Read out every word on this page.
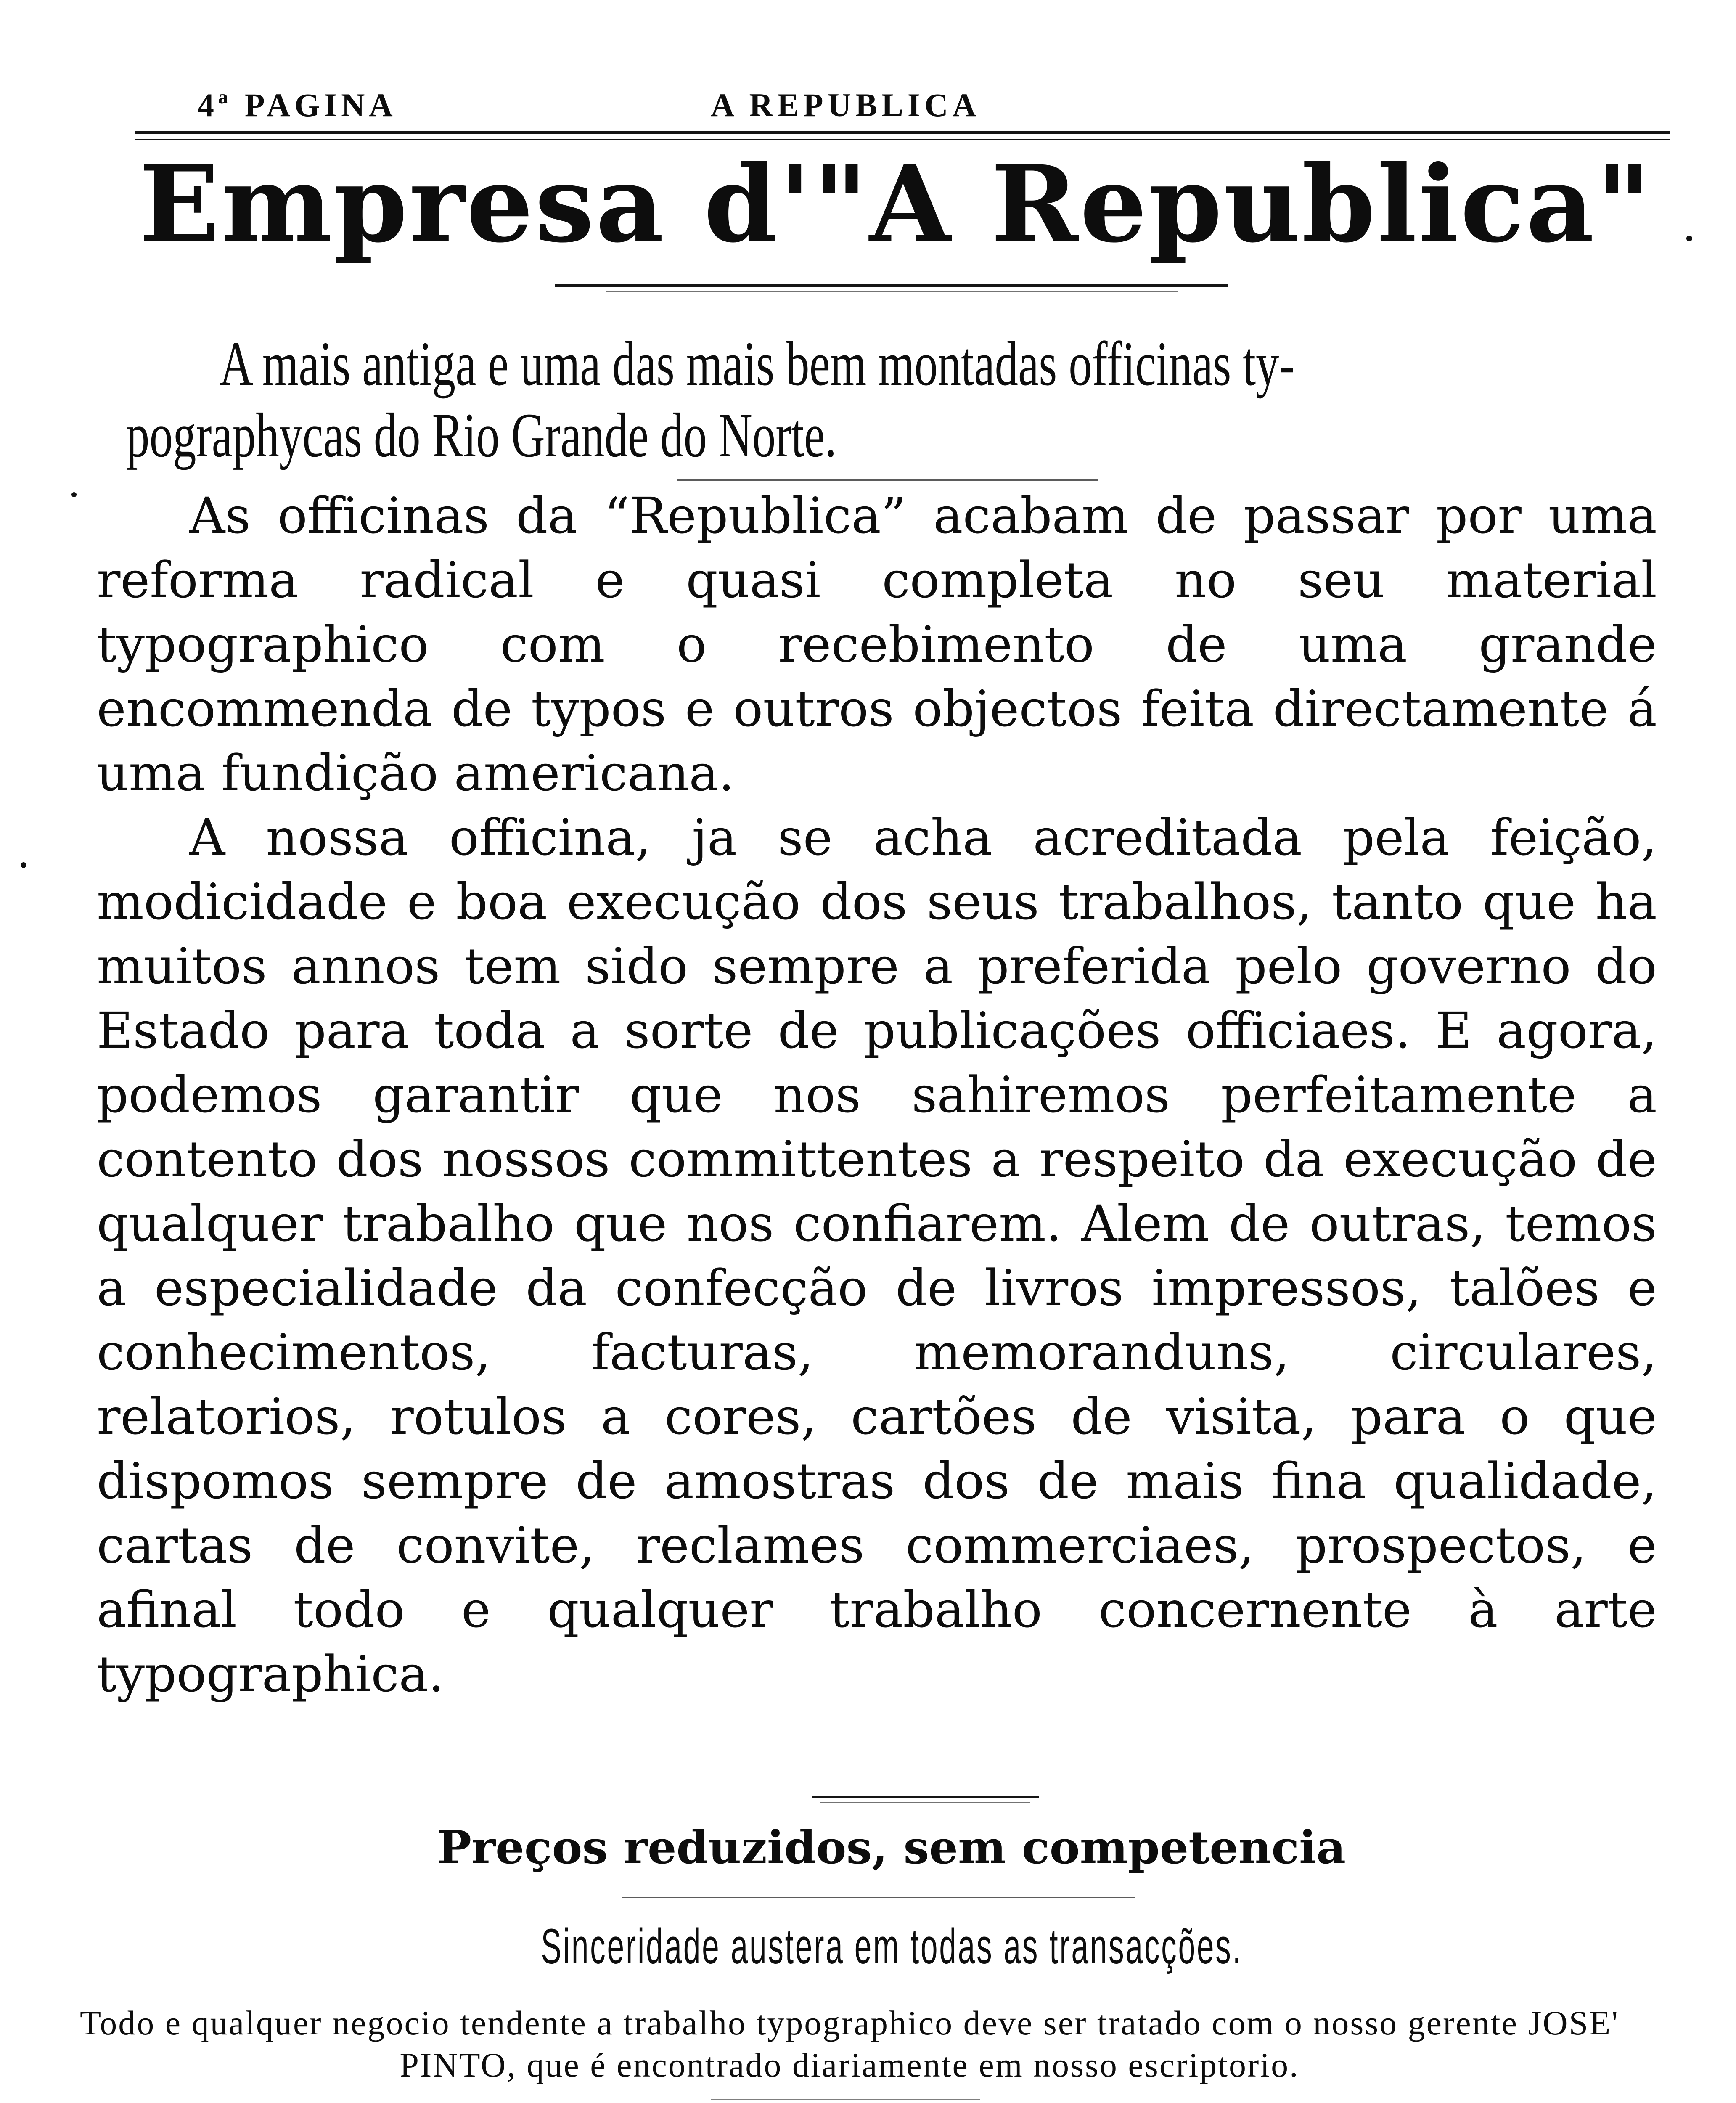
4ª PAGINA	A REPUBLICA
Empresa d'"A Republica"
A mais antiga e uma das mais bem montadas officinas ty-
pographycas do Rio Grande do Norte.

As officinas da “Republica” acabam de passar por uma reforma radical e quasi completa no seu material typographico com o recebimento de uma grande encommenda de typos e outros objectos feita directamente á uma fundição americana.

A nossa officina, ja se acha acreditada pela feição, modicidade e boa execução dos seus trabalhos, tanto que ha muitos annos tem sido sempre a preferida pelo governo do Estado para toda a sorte de publicações officiaes. E agora, podemos garantir que nos sahiremos perfeitamente a contento dos nossos committentes a respeito da execução de qualquer trabalho que nos confiarem. Alem de outras, temos a especialidade da confecção de livros impressos, talões e conhecimentos, facturas, memoranduns, circulares, relatorios, rotulos a cores, cartões de visita, para o que dispomos sempre de amostras dos de mais fina qualidade, cartas de convite, reclames commerciaes, prospectos, e afinal todo e qualquer trabalho concernente à arte typographica.

Preços reduzidos, sem competencia
Sinceridade austera em todas as transacções.
Todo e qualquer negocio tendente a trabalho typographico deve ser tratado com o nosso gerente JOSE' PINTO, que é encontrado diariamente em nosso escriptorio.
